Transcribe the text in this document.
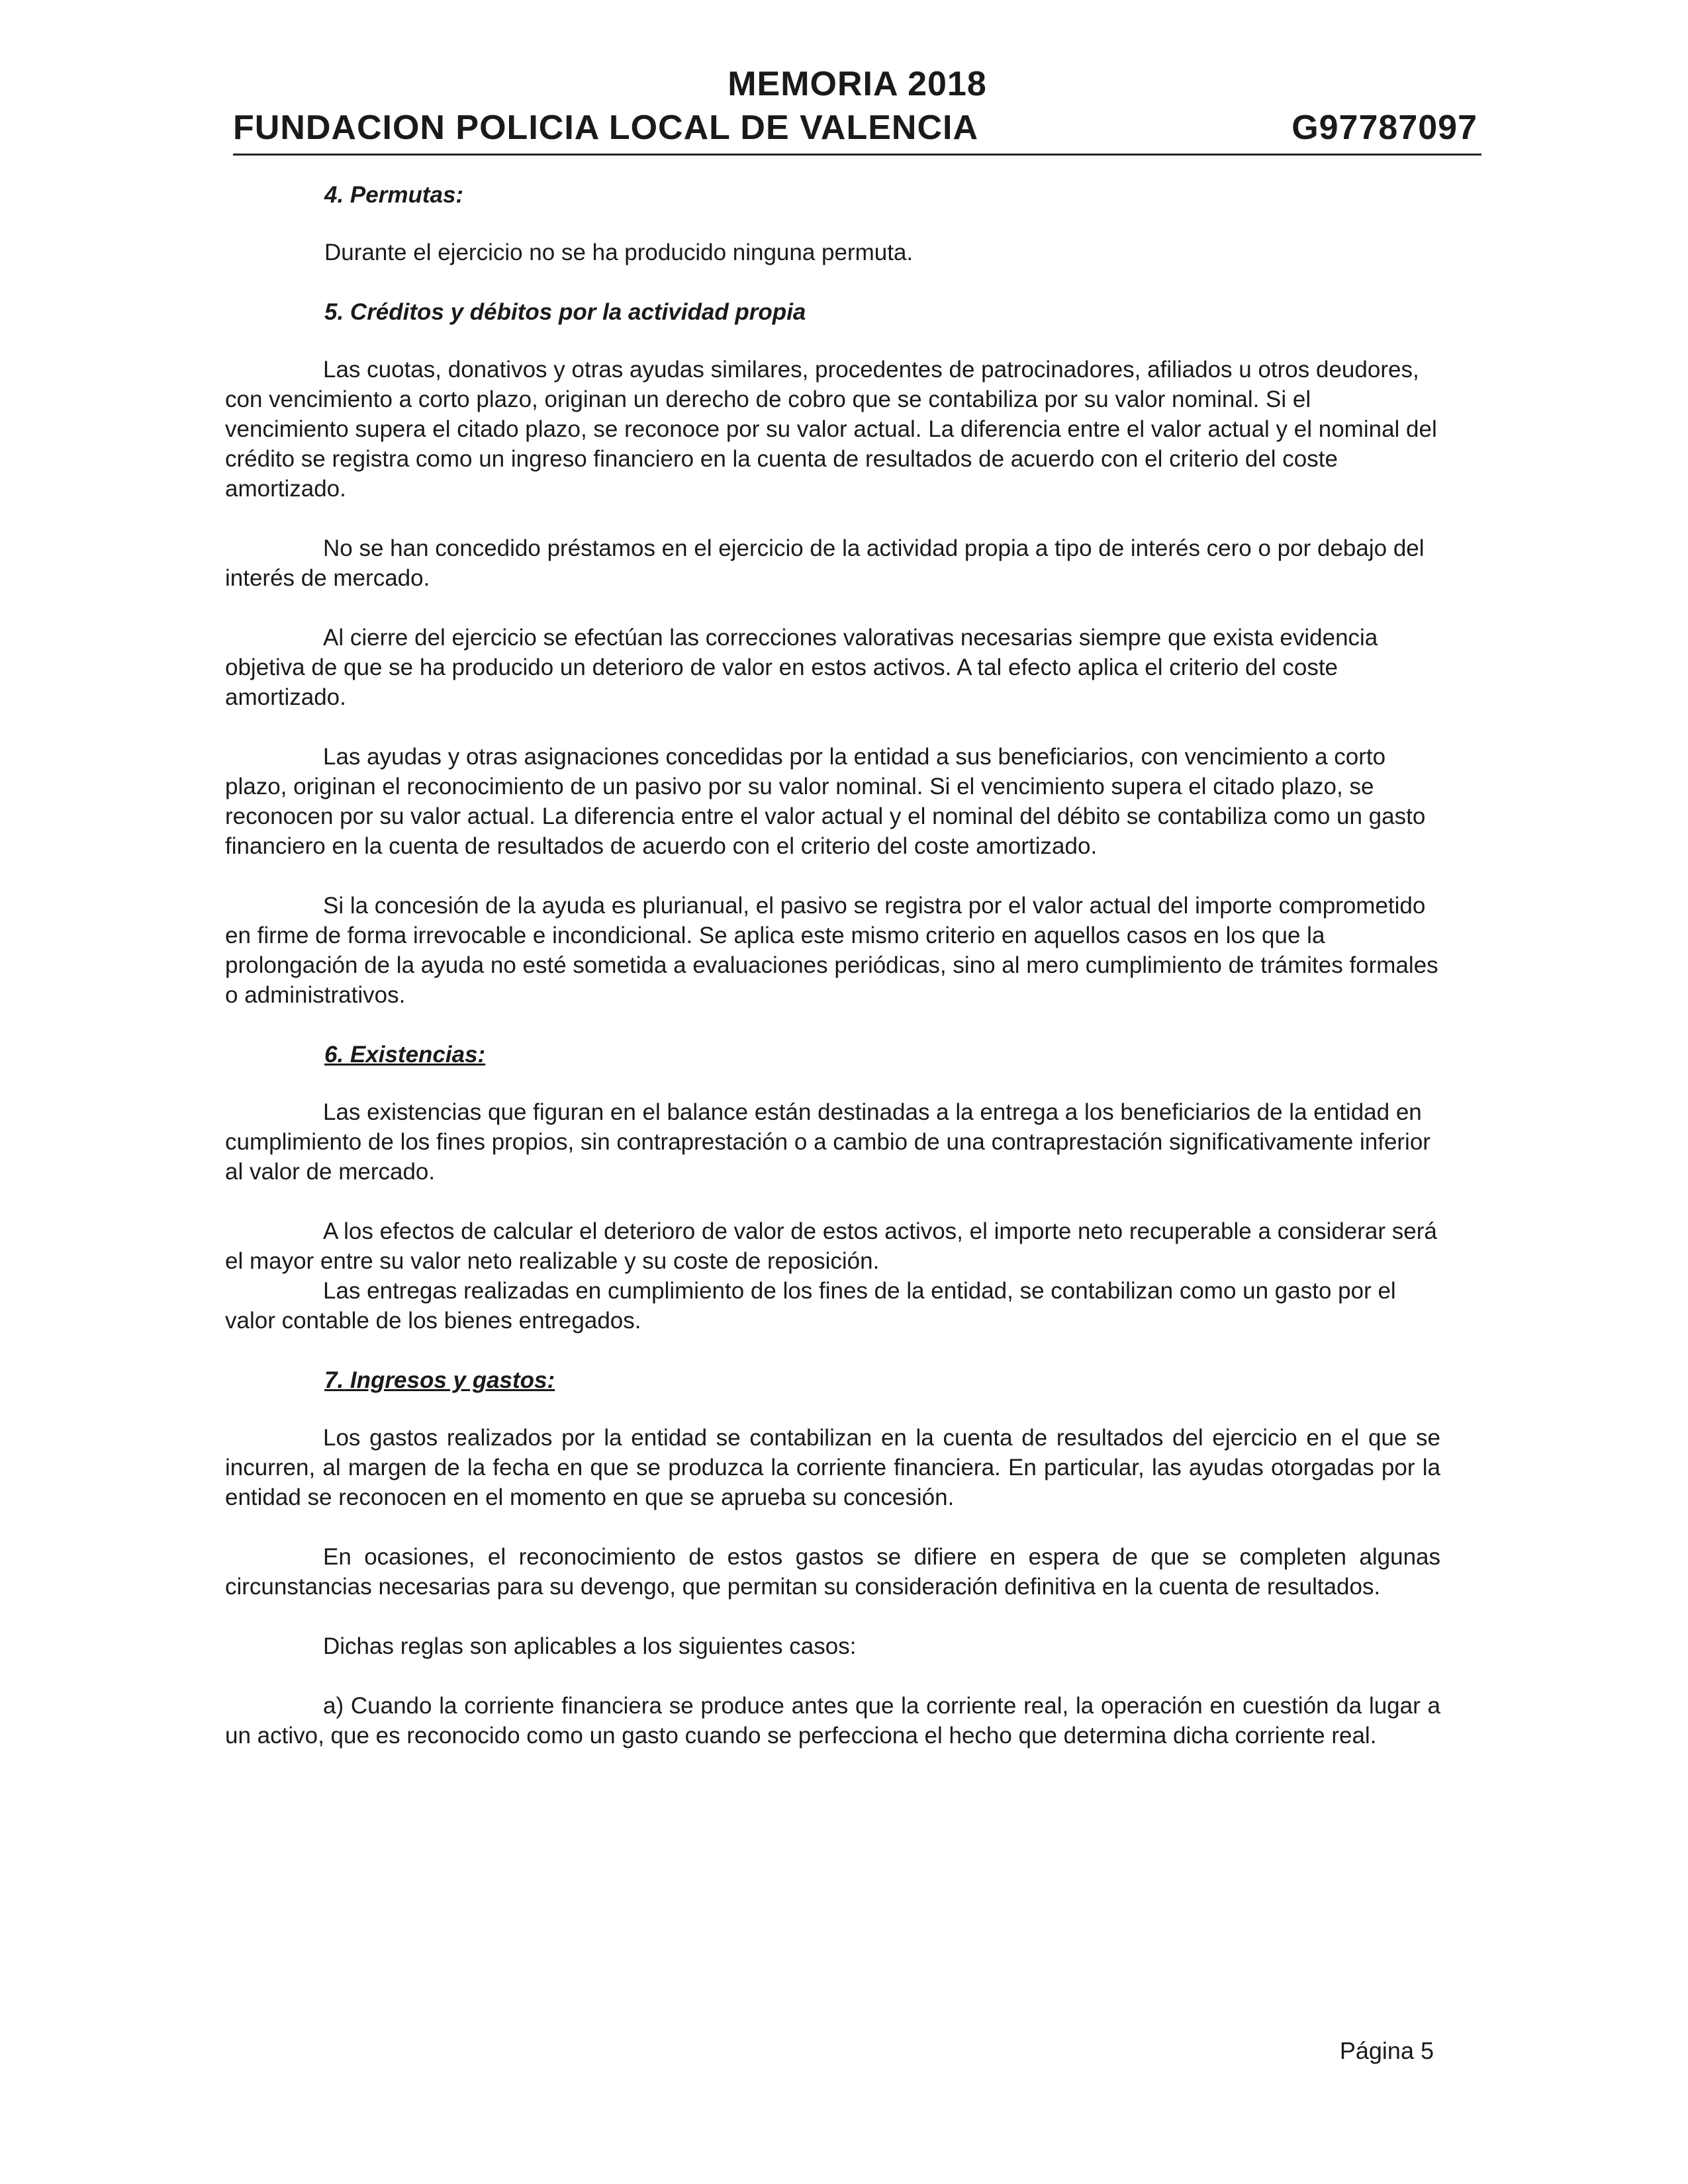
MEMORIA 2018
FUNDACION POLICIA LOCAL DE VALENCIA	G97787097
4. Permutas:

Durante el ejercicio no se ha producido ninguna permuta.

5. Créditos y débitos por la actividad propia

Las cuotas, donativos y otras ayudas similares, procedentes de patrocinadores, afiliados u otros deudores, con vencimiento a corto plazo, originan un derecho de cobro que se contabiliza por su valor nominal. Si el vencimiento supera el citado plazo, se reconoce por su valor actual. La diferencia entre el valor actual y el nominal del crédito se registra como un ingreso financiero en la cuenta de resultados de acuerdo con el criterio del coste amortizado.

No se han concedido préstamos en el ejercicio de la actividad propia a tipo de interés cero o por debajo del interés de mercado.

Al cierre del ejercicio se efectúan las correcciones valorativas necesarias siempre que exista evidencia objetiva de que se ha producido un deterioro de valor en estos activos. A tal efecto aplica el criterio del coste amortizado.

Las ayudas y otras asignaciones concedidas por la entidad a sus beneficiarios, con vencimiento a corto plazo, originan el reconocimiento de un pasivo por su valor nominal. Si el vencimiento supera el citado plazo, se reconocen por su valor actual. La diferencia entre el valor actual y el nominal del débito se contabiliza como un gasto financiero en la cuenta de resultados de acuerdo con el criterio del coste amortizado.

Si la concesión de la ayuda es plurianual, el pasivo se registra por el valor actual del importe comprometido en firme de forma irrevocable e incondicional. Se aplica este mismo criterio en aquellos casos en los que la prolongación de la ayuda no esté sometida a evaluaciones periódicas, sino al mero cumplimiento de trámites formales o administrativos.

6. Existencias:

Las existencias que figuran en el balance están destinadas a la entrega a los beneficiarios de la entidad en cumplimiento de los fines propios, sin contraprestación o a cambio de una contraprestación significativamente inferior al valor de mercado.

A los efectos de calcular el deterioro de valor de estos activos, el importe neto recuperable a considerar será el mayor entre su valor neto realizable y su coste de reposición.

Las entregas realizadas en cumplimiento de los fines de la entidad, se contabilizan como un gasto por el valor contable de los bienes entregados.

7. Ingresos y gastos:

Los gastos realizados por la entidad se contabilizan en la cuenta de resultados del ejercicio en el que se incurren, al margen de la fecha en que se produzca la corriente financiera. En particular, las ayudas otorgadas por la entidad se reconocen en el momento en que se aprueba su concesión.

En ocasiones, el reconocimiento de estos gastos se difiere en espera de que se completen algunas circunstancias necesarias para su devengo, que permitan su consideración definitiva en la cuenta de resultados.

Dichas reglas son aplicables a los siguientes casos:

a) Cuando la corriente financiera se produce antes que la corriente real, la operación en cuestión da lugar a un activo, que es reconocido como un gasto cuando se perfecciona el hecho que determina dicha corriente real.

Página 5
